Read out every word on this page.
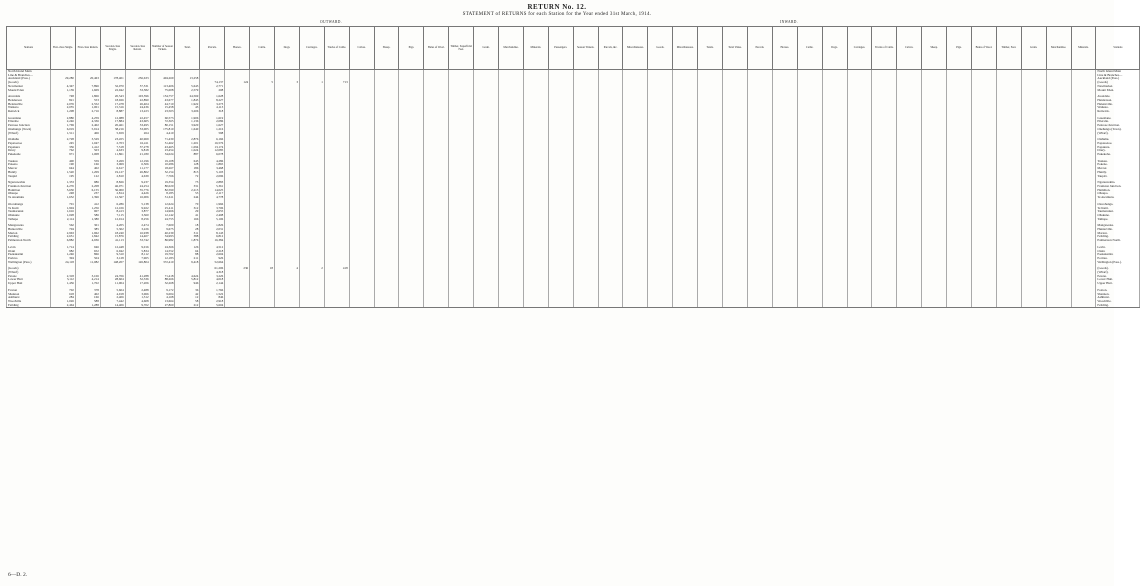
RETURN No. 12.
STATEMENT of RETURNS for each Station for the Year ended 31st March, 1914.
OUTWARD.	INWARD.
Stations	First-class Single.	First-class Return.	Second-class Single.	Second-class Return.	Number of Season Tickets.	Total.	Parcels.	Horses.	Cattle.	Dogs.	Carriages.	Trucks of Cattle.	Calves.	Sheep.	Pigs.	Bales of Wool.	Timber, Superficial Feet.	Grain.	Merchandise.	Minerals.	Passengers.	Season Tickets.	Parcels, &c.	Miscellaneous.	Goods.	Miscellaneous.	Totals.	Total Value.	Parcels.	Horses.	Cattle.	Dogs.	Carriages.	Trucks of Cattle.	Calves.	Sheep.	Pigs.	Bales of Wool.	Timber, Feet.	Grain.	Merchandise.	Minerals.	Stations
North Island Main																																											North Island Main
Line & Branches—																																											Line & Branches—
Auckland (Pass.)	29,280	20,463	178,401	256,633	404,269	13,258																																					Auckland (Pass.)
(Goods)							74,137	124	5	3	1	713																															(Goods)
Newmarket	4,347	7,896	32,070	57,531	113,406	5,643	2,771																																				Newmarket.
Mount Eden	1,139	1,609	22,942	33,582	75,008	2,579	208																																				Mount Eden.

Avondale	748	1,806	20,543	103,596	154,757	24,569	1,628																																				Avondale.
Henderson	821	553	18,926	22,890	43,677	1,845	8,227																																				Henderson.
Helensville	2,076	2,552	17,478	26,404	44,710	1,922	3,273																																				Helensville.
Waikato	2,055	1,001	15,316	24,436	15,458	43	4,113																																				Waikato.
Renwick	1,208	2,716	8,887	13,223	23,503	3,206	318																																				Renwick.

Greenlane	2,880	4,259	12,088	22,457	60,573	1,906	1,619																																				Greenlane.
Ellerslie	2,246	4,336	17,884	43,605	72,365	1,136	2,086																																				Ellerslie.
Penrose Junction	1,769	2,402	20,461	33,495	80,151	3,920	1,627																																				Penrose Junction.
Onehunga (Town)	6,019	5,914	38,216	53,005	175,810	1,640	1,216																																				Onehunga (Town).
(Wharf)	1,511	406	5,659	264	4,410		598																																				(Wharf).

Otahuhu	2,728	3,529	23,455	40,969	71,430	2,876	6,166																																				Otahuhu.
Papatoetoe	245	1,047	2,703	16,411	51,462	1,201	16,576																																				Papatoetoe.
Papakura	356	1,412	7,518	37,278	43,465	1,094	13,174																																				Papakura.
Drury	762	503	4,633	9,818	23,454	1,024	12,085																																				Drury.
Pukekohe	971	1,008	11,861	21,180	34,024	887	6,078																																				Pukekohe.

Tuakau	400	559	3,269	12,196	19,108	643	4,286																																				Tuakau.
Pokeno	190	166	3,069	6,506	10,286	128	1,865																																				Pokeno.
Mercer	644	402	6,617	11,177	18,267	186	3,468																																				Mercer.
Huntly	1,520	1,209	19,127	26,802	52,154	813	5,103																																				Huntly.
Taupiri	195	122	2,810	4,639	7,766	72	2,096																																				Taupiri.

Ngaruawahia	1,333	986	8,826	9,237	19,354	73	2,883																																				Ngaruawahia.
Frankton Junction	4,276	2,208	46,071	24,254	80,020	331	5,361																																				Frankton Junction.
Hamilton	5,630	6,155	36,000	35,776	82,590	2,213	14,025																																				Hamilton.
Ohaupo	248	237	2,814	4,426	8,185	53	2,117																																				Ohaupo.
Te Awamutu	1,652	1,396	12,567	16,006	31,611	244	4,778																																				Te Awamutu.

Otorohanga	701	412	6,286	5,138	12,624	70	1,966																																				Otorohanga.
Te Kuiti	1,904	1,256	12,106	9,922	25,411	312	3,706																																				Te Kuiti.
Taumarunui	1,616	907	8,413	3,877	14,966	29	2,655																																				Taumarunui.
Ohakune	1,028	586	7,115	3,360	12,142	41	2,408																																				Ohakune.
Taihape	2,114	1,380	12,914	8,256	24,755	166	5,106																																				Taihape.

Mangaweka	562	301	4,205	2,474	7,600	18	1,826																																				Mangaweka.
Hunterville	704	385	5,302	3,226	9,675	28	2,031																																				Hunterville.
Marton	2,963	1,962	18,240	16,938	40,239	311	8,143																																				Marton.
Feilding	2,651	1,842	15,876	14,407	34,993	388	6,812																																				Feilding.
Palmerston North	6,882	4,936	41,113	33,742	86,982	1,876	16,384																																				Palmerston North.

Levin	1,714	946	12,448	9,016	24,366	126	4,512																																				Levin.
Otaki	982	652	6,942	5,834	14,552	64	2,218																																				Otaki.
Paekakariki	1,246	866	9,310	8,112	19,702	88	2,604																																				Paekakariki.
Porirua	394	504	3,128	7,965	12,183	211	926																																				Porirua.
Wellington (Pass.)	24,118	11,082	148,207	126,804	372,410	9,418	52,664																																				Wellington (Pass.).

(Goods)							61,206	236	18	4	2	418																															(Goods).
(Wharf)							4,318																																				(Wharf).
Petone	2,318	3,106	24,706	41,288	71,418	4,624	3,226																																				Petone.
Lower Hutt	3,112	4,214	28,604	52,336	88,266	5,812	4,018																																				Lower Hutt.
Upper Hutt	1,456	1,702	11,904	17,206	32,268	946	2,144																																				Upper Hutt.

Foxton	702	378	5,604	2,488	9,172	36	1,766																																				Foxton.
Shannon	618	402	4,918	3,066	9,004	42	1,522																																				Shannon.
Ashhurst	284	166	2,406	1,312	4,168	12	846																																				Ashhurst.
Woodville	1,026	588	7,442	4,608	13,664	58	2,918																																				Woodville.
Feilding	2,464	1,288	14,406	9,702	27,860	212	5,604																																				Feilding.
6—D. 2.
